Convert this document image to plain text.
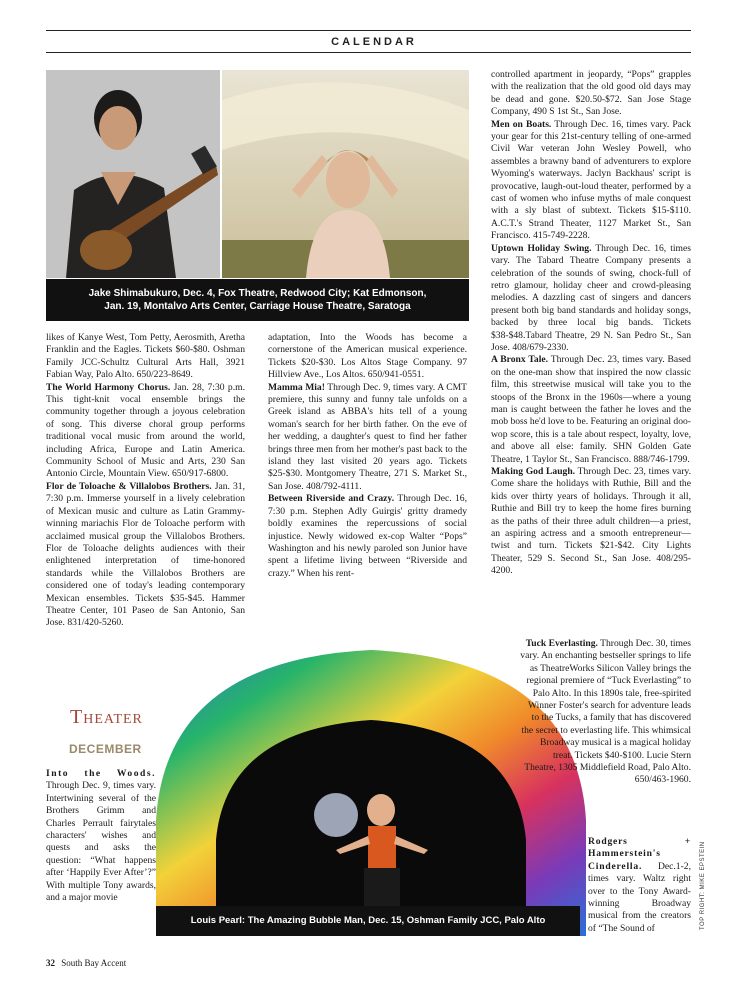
CALENDAR
Jake Shimabukuro, Dec. 4, Fox Theatre, Redwood City; Kat Edmonson,
Jan. 19, Montalvo Arts Center, Carriage House Theatre, Saratoga

likes of Kanye West, Tom Petty, Aerosmith, Aretha Franklin and the Eagles. Tickets $60-$80. Oshman Family JCC-Schultz Cultural Arts Hall, 3921 Fabian Way, Palo Alto. 650/223-8649.

The World Harmony Chorus. Jan. 28, 7:30 p.m. This tight-knit vocal ensemble brings the community together through a joyous celebration of song. This diverse choral group performs traditional vocal music from around the world, including Africa, Europe and Latin America. Community School of Music and Arts, 230 San Antonio Circle, Mountain View. 650/917-6800.

Flor de Toloache & Villalobos Brothers. Jan. 31, 7:30 p.m. Immerse yourself in a lively celebration of Mexican music and culture as Latin Grammy-winning mariachis Flor de Toloache perform with acclaimed musical group the Villalobos Brothers. Flor de Toloache delights audiences with their enlightened interpretation of time-honored standards while the Villalobos Brothers are considered one of today's leading contemporary Mexican ensembles. Tickets $35-$45. Hammer Theatre Center, 101 Paseo de San Antonio, San Jose. 831/420-5260.

Theater
DECEMBER

Into the Woods. Through Dec. 9, times vary. Intertwining several of the Brothers Grimm and Charles Perrault fairytales characters' wishes and quests and asks the question: “What happens after ‘Happily Ever After’?” With multiple Tony awards, and a major movie

adaptation, Into the Woods has become a cornerstone of the American musical experience. Tickets $20-$30. Los Altos Stage Company. 97 Hillview Ave., Los Altos. 650/941-0551.

Mamma Mia! Through Dec. 9, times vary. A CMT premiere, this sunny and funny tale unfolds on a Greek island as ABBA's hits tell of a young woman's search for her birth father. On the eve of her wedding, a daughter's quest to find her father brings three men from her mother's past back to the island they last visited 20 years ago. Tickets $25-$30. Montgomery Theatre, 271 S. Market St., San Jose. 408/792-4111.

Between Riverside and Crazy. Through Dec. 16, 7:30 p.m. Stephen Adly Guirgis' gritty dramedy boldly examines the repercussions of social injustice. Newly widowed ex-cop Walter “Pops” Washington and his newly paroled son Junior have spent a lifetime living between “Riverside and crazy.” When his rent-

controlled apartment in jeopardy, “Pops” grapples with the realization that the old good old days may be dead and gone. $20.50-$72. San Jose Stage Company, 490 S 1st St., San Jose.

Men on Boats. Through Dec. 16, times vary. Pack your gear for this 21st-century telling of one-armed Civil War veteran John Wesley Powell, who assembles a brawny band of adventurers to explore Wyoming's waterways. Jaclyn Backhaus' script is provocative, laugh-out-loud theater, performed by a cast of women who infuse myths of male conquest with a sly blast of subtext. Tickets $15-$110. A.C.T.'s Strand Theater, 1127 Market St., San Francisco. 415-749-2228.

Uptown Holiday Swing. Through Dec. 16, times vary. The Tabard Theatre Company presents a celebration of the sounds of swing, chock-full of retro glamour, holiday cheer and crowd-pleasing melodies. A dazzling cast of singers and dancers present both big band standards and holiday songs, backed by three local big bands. Tickets $38-$48.Tabard Theatre, 29 N. San Pedro St., San Jose. 408/679-2330.

A Bronx Tale. Through Dec. 23, times vary. Based on the one-man show that inspired the now classic film, this streetwise musical will take you to the stoops of the Bronx in the 1960s—where a young man is caught between the father he loves and the mob boss he'd love to be. Featuring an original doo-wop score, this is a tale about respect, loyalty, love, and above all else: family. SHN Golden Gate Theatre, 1 Taylor St., San Francisco. 888/746-1799.

Making God Laugh. Through Dec. 23, times vary. Come share the holidays with Ruthie, Bill and the kids over thirty years of holidays. Through it all, Ruthie and Bill try to keep the home fires burning as the paths of their three adult children—a priest, an aspiring actress and a smooth entrepreneur—twist and turn. Tickets $21-$42. City Lights Theater, 529 S. Second St., San Jose. 408/295-4200.

Louis Pearl: The Amazing Bubble Man, Dec. 15, Oshman Family JCC, Palo Alto

Tuck Everlasting. Through Dec. 30, times vary. An enchanting bestseller springs to life as TheatreWorks Silicon Valley brings the regional premiere of “Tuck Everlasting” to Palo Alto. In this 1890s tale, free-spirited Winner Foster's search for adventure leads to the Tucks, a family that has discovered the secret to everlasting life. This whimsical Broadway musical is a magical holiday treat. Tickets $40-$100. Lucie Stern Theatre, 1305 Middlefield Road, Palo Alto. 650/463-1960.

Rodgers + Hammerstein's Cinderella. Dec.1-2, times vary. Waltz right over to the Tony Award-winning Broadway musical from the creators of “The Sound of

32 South Bay Accent
TOP RIGHT: MIKE EPSTEIN
